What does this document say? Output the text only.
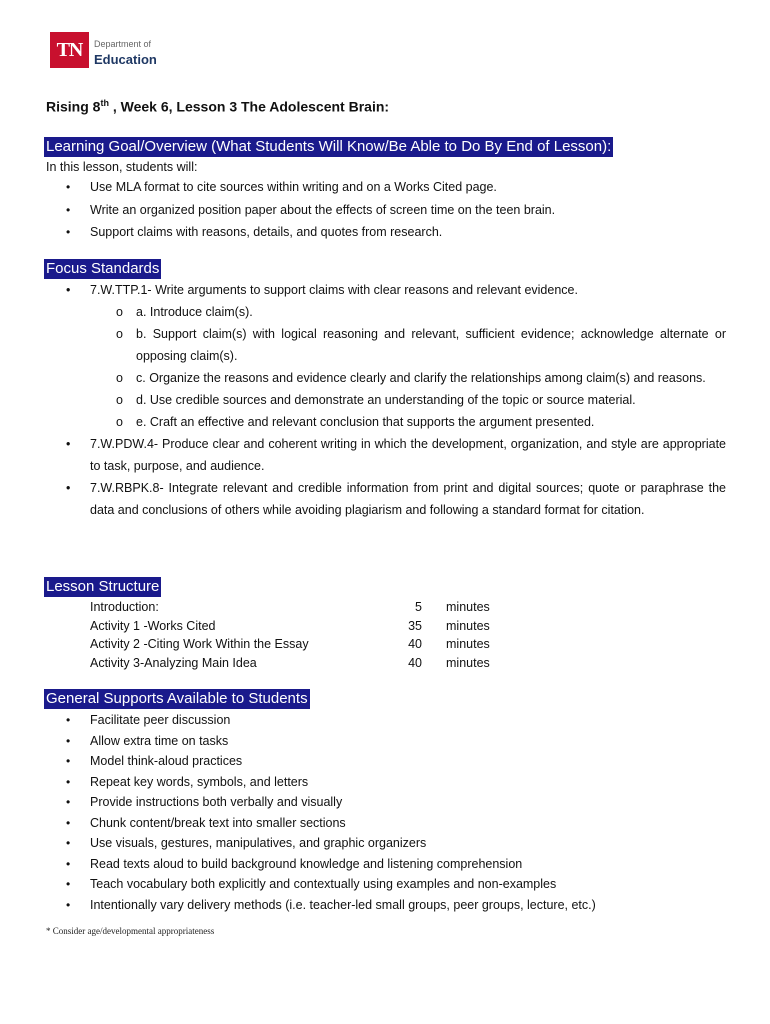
TN	Department of
Education
Rising 8th , Week 6, Lesson 3 The Adolescent Brain:
Learning Goal/Overview (What Students Will Know/Be Able to Do By End of Lesson):
In this lesson, students will:
• Use MLA format to cite sources within writing and on a Works Cited page.
• Write an organized position paper about the effects of screen time on the teen brain.
• Support claims with reasons, details, and quotes from research.
Focus Standards
• 7.W.TTP.1- Write arguments to support claims with clear reasons and relevant evidence.
o a. Introduce claim(s).
o b. Support claim(s) with logical reasoning and relevant, sufficient evidence; acknowledge alternate or opposing claim(s).
o c. Organize the reasons and evidence clearly and clarify the relationships among claim(s) and reasons.
o d. Use credible sources and demonstrate an understanding of the topic or source material.
o e. Craft an effective and relevant conclusion that supports the argument presented.
• 7.W.PDW.4- Produce clear and coherent writing in which the development, organization, and style are appropriate to task, purpose, and audience.
• 7.W.RBPK.8- Integrate relevant and credible information from print and digital sources; quote or paraphrase the data and conclusions of others while avoiding plagiarism and following a standard format for citation.
Lesson Structure
Introduction:	5 minutes
Activity 1 -Works Cited	35 minutes
Activity 2 -Citing Work Within the Essay	40 minutes
Activity 3-Analyzing Main Idea	40 minutes
General Supports Available to Students
• Facilitate peer discussion
• Allow extra time on tasks
• Model think-aloud practices
• Repeat key words, symbols, and letters
• Provide instructions both verbally and visually
• Chunk content/break text into smaller sections
• Use visuals, gestures, manipulatives, and graphic organizers
• Read texts aloud to build background knowledge and listening comprehension
• Teach vocabulary both explicitly and contextually using examples and non-examples
• Intentionally vary delivery methods (i.e. teacher-led small groups, peer groups, lecture, etc.)
* Consider age/developmental appropriateness
